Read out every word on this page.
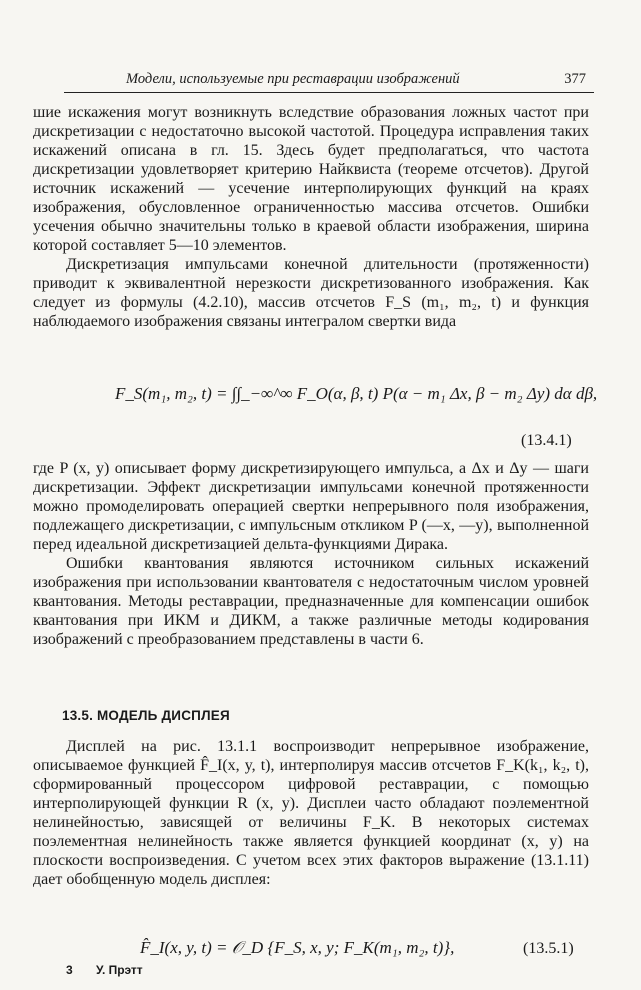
Модели, используемые при реставрации изображений	377

шие искажения могут возникнуть вследствие образования ложных частот при дискретизации с недостаточно высокой частотой. Процедура исправления таких искажений описана в гл. 15. Здесь будет предполагаться, что частота дискретизации удовлетворяет критерию Найквиста (теореме отсчетов). Другой источник искажений — усечение интерполирующих функций на краях изображения, обусловленное ограниченностью массива отсчетов. Ошибки усечения обычно значительны только в краевой области изображения, ширина которой составляет 5—10 элементов.

Дискретизация импульсами конечной длительности (протяженности) приводит к эквивалентной нерезкости дискретизованного изображения. Как следует из формулы (4.2.10), массив отсчетов F_S (m₁, m₂, t) и функция наблюдаемого изображения связаны интегралом свертки вида

F_S(m₁, m₂, t) = ∫∫_−∞^∞ F_O(α, β, t) P(α − m₁ Δx, β − m₂ Δy) dα dβ,
(13.4.1)

где P (x, y) описывает форму дискретизирующего импульса, а Δx и Δy — шаги дискретизации. Эффект дискретизации импульсами конечной протяженности можно промоделировать операцией свертки непрерывного поля изображения, подлежащего дискретизации, с импульсным откликом P (—x, —y), выполненной перед идеальной дискретизацией дельта-функциями Дирака.

Ошибки квантования являются источником сильных искажений изображения при использовании квантователя с недостаточным числом уровней квантования. Методы реставрации, предназначенные для компенсации ошибок квантования при ИКМ и ДИКМ, а также различные методы кодирования изображений с преобразованием представлены в части 6.

13.5. МОДЕЛЬ ДИСПЛЕЯ

Дисплей на рис. 13.1.1 воспроизводит непрерывное изображение, описываемое функцией F̂_I(x, y, t), интерполируя массив отсчетов F_K(k₁, k₂, t), сформированный процессором цифровой реставрации, с помощью интерполирующей функции R (x, y). Дисплеи часто обладают поэлементной нелинейностью, зависящей от величины F_K. В некоторых системах поэлементная нелинейность также является функцией координат (x, y) на плоскости воспроизведения. С учетом всех этих факторов выражение (13.1.11) дает обобщенную модель дисплея:

F̂_I(x, y, t) = 𝒪_D {F_S, x, y; F_K(m₁, m₂, t)},	(13.5.1)
3 У. Прэтт
